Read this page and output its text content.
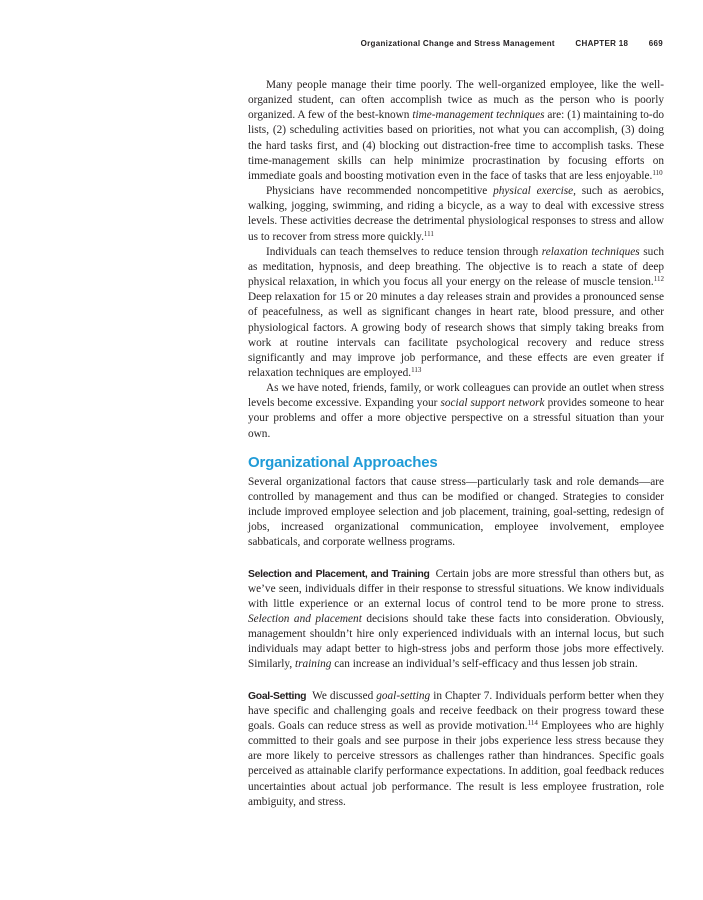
Organizational Change and Stress Management	CHAPTER 18	669

Many people manage their time poorly. The well-organized employee, like the well-organized student, can often accomplish twice as much as the person who is poorly organized. A few of the best-known time-management techniques are: (1) maintaining to-do lists, (2) scheduling activities based on priorities, not what you can accomplish, (3) doing the hard tasks first, and (4) blocking out distraction-free time to accomplish tasks. These time-management skills can help minimize procrastination by focusing efforts on immediate goals and boosting motivation even in the face of tasks that are less enjoyable.$^{110}$

Physicians have recommended noncompetitive physical exercise, such as aerobics, walking, jogging, swimming, and riding a bicycle, as a way to deal with excessive stress levels. These activities decrease the detrimental physiological responses to stress and allow us to recover from stress more quickly.$^{111}$

Individuals can teach themselves to reduce tension through relaxation techniques such as meditation, hypnosis, and deep breathing. The objective is to reach a state of deep physical relaxation, in which you focus all your energy on the release of muscle tension.$^{112}$ Deep relaxation for 15 or 20 minutes a day releases strain and provides a pronounced sense of peacefulness, as well as significant changes in heart rate, blood pressure, and other physiological factors. A growing body of research shows that simply taking breaks from work at routine intervals can facilitate psychological recovery and reduce stress significantly and may improve job performance, and these effects are even greater if relaxation techniques are employed.$^{113}$

As we have noted, friends, family, or work colleagues can provide an outlet when stress levels become excessive. Expanding your social support network provides someone to hear your problems and offer a more objective perspective on a stressful situation than your own.

Organizational Approaches

Several organizational factors that cause stress—particularly task and role demands—are controlled by management and thus can be modified or changed. Strategies to consider include improved employee selection and job placement, training, goal-setting, redesign of jobs, increased organizational communication, employee involvement, employee sabbaticals, and corporate wellness programs.

Selection and Placement, and Training Certain jobs are more stressful than others but, as we’ve seen, individuals differ in their response to stressful situations. We know individuals with little experience or an external locus of control tend to be more prone to stress. Selection and placement decisions should take these facts into consideration. Obviously, management shouldn’t hire only experienced individuals with an internal locus, but such individuals may adapt better to high-stress jobs and perform those jobs more effectively. Similarly, training can increase an individual’s self-efficacy and thus lessen job strain.

Goal-Setting We discussed goal-setting in Chapter 7. Individuals perform better when they have specific and challenging goals and receive feedback on their progress toward these goals. Goals can reduce stress as well as provide motivation.$^{114}$ Employees who are highly committed to their goals and see purpose in their jobs experience less stress because they are more likely to perceive stressors as challenges rather than hindrances. Specific goals perceived as attainable clarify performance expectations. In addition, goal feedback reduces uncertainties about actual job performance. The result is less employee frustration, role ambiguity, and stress.
